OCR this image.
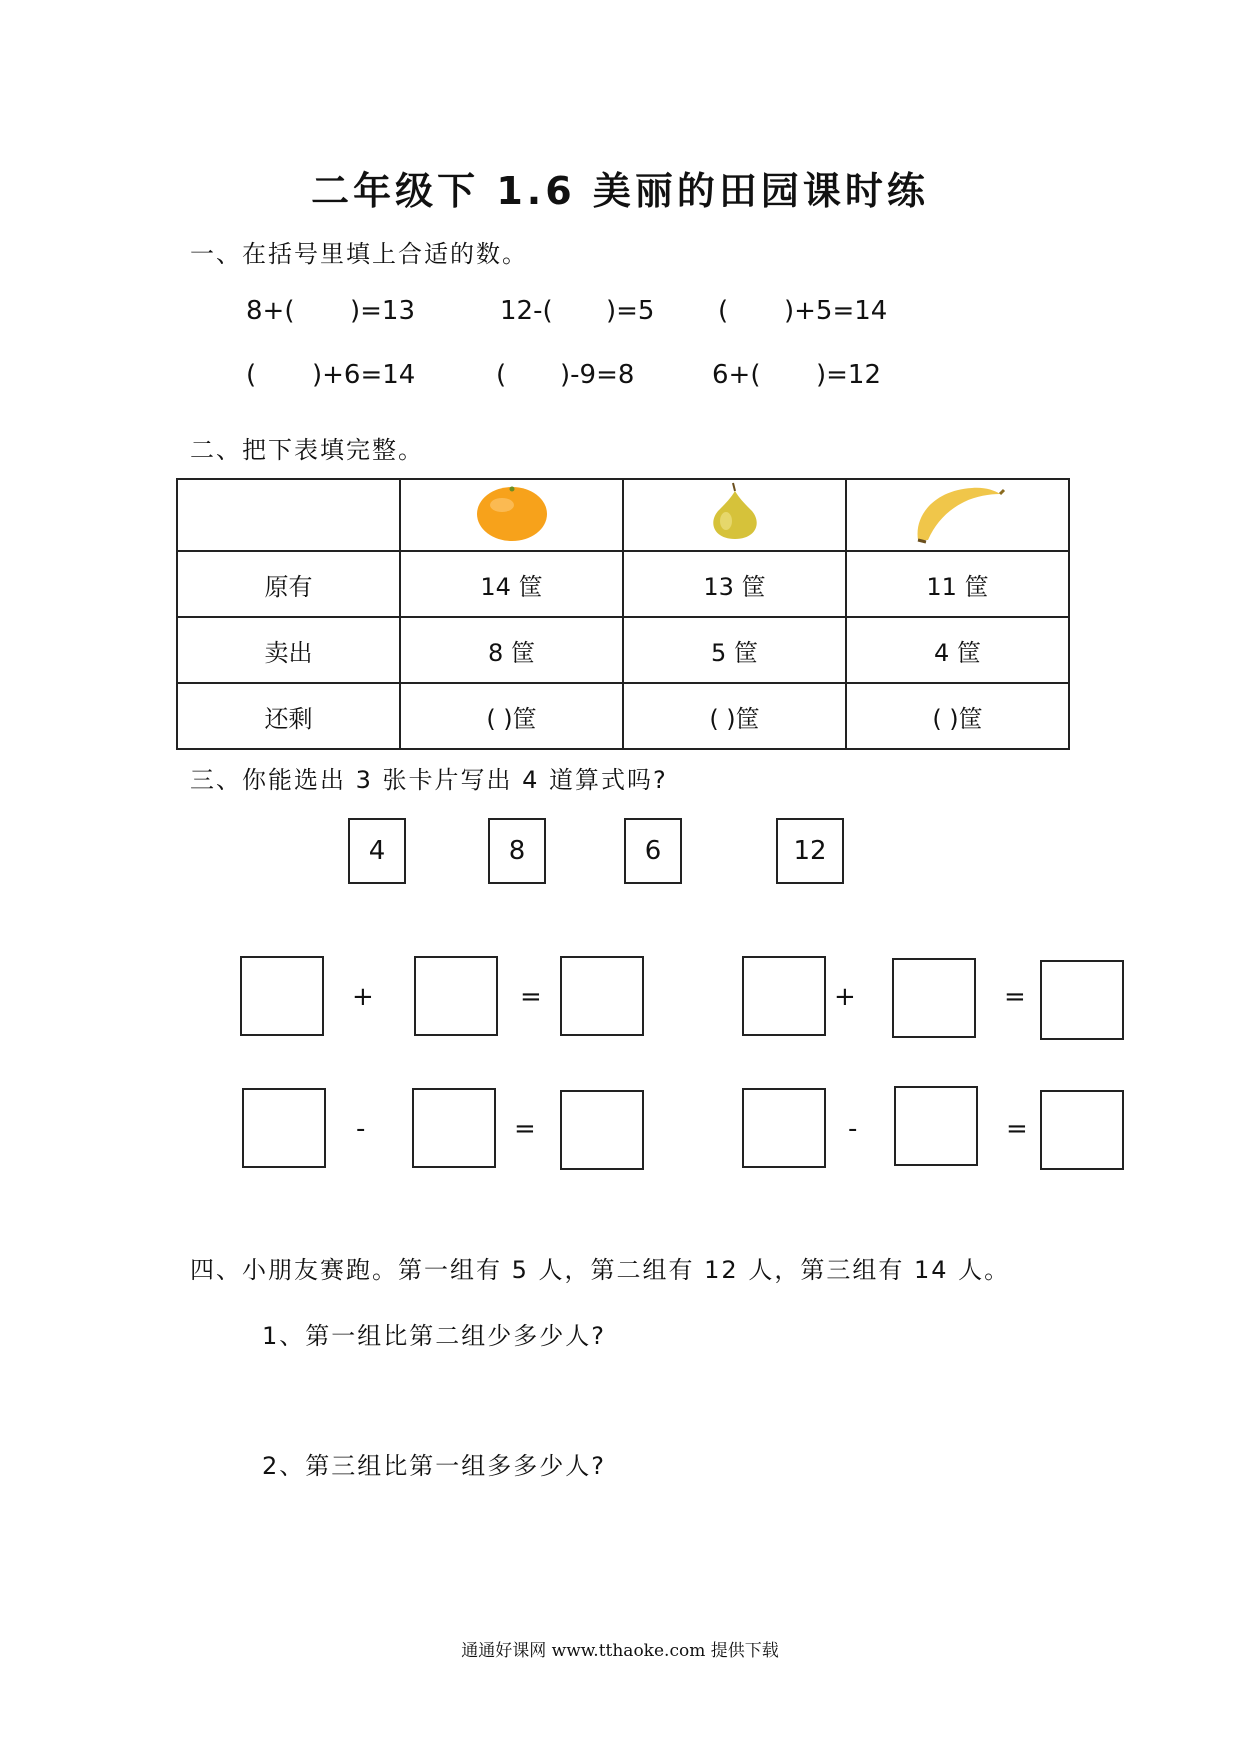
二年级下 1.6 美丽的田园课时练
一、在括号里填上合适的数。
8+( )=13	12-( )=5 ( )+5=14
( )+6=14	( )-9=8	6+( )=12
二、把下表填完整。

原有	14 筐	13 筐	11 筐
卖出	8 筐	5 筐	4 筐
还剩	( )筐	( )筐	( )筐
三、你能选出 3 张卡片写出 4 道算式吗?
4	8	6	12
+	=	+	=
-	=	-	=
四、小朋友赛跑。第一组有 5 人，第二组有 12 人，第三组有 14 人。
1、第一组比第二组少多少人?
2、第三组比第一组多多少人?
通通好课网 www.tthaoke.com 提供下载
